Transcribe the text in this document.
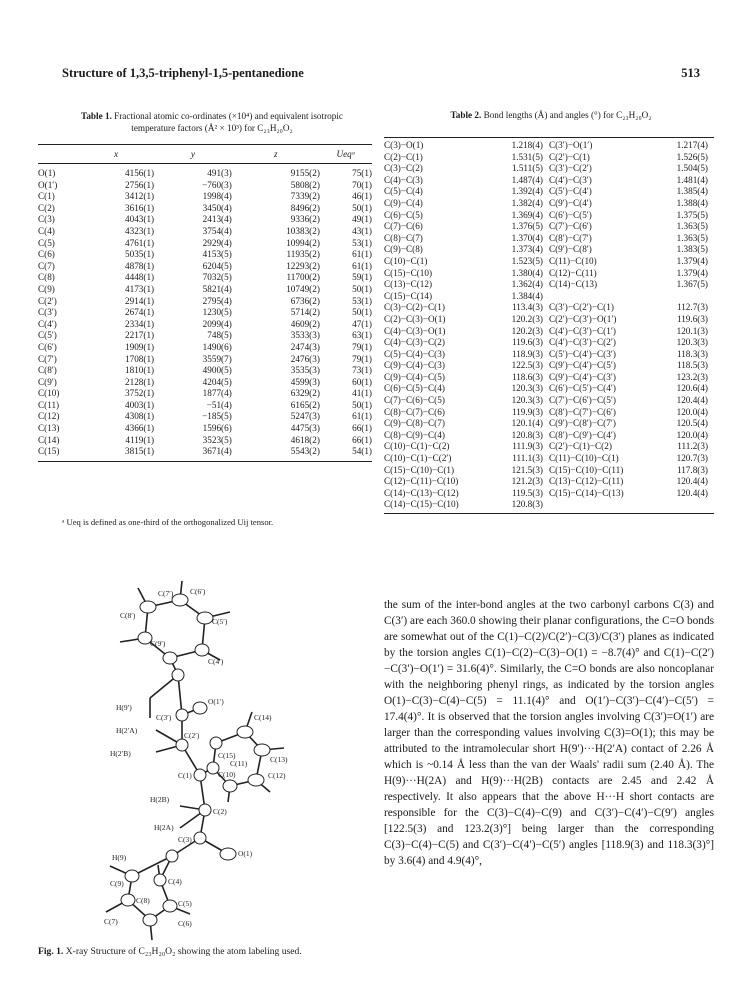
Structure of 1,3,5-triphenyl-1,5-pentanedione	513
Table 1. Fractional atomic co-ordinates (×10⁴) and equivalent isotropic temperature factors (Å² × 10³) for C₂₃H₂₀O₂
	x	y	z	Ueqᵃ
O(1)	4156(1)	491(3)	9155(2)	75(1)
O(1′)	2756(1)	−760(3)	5808(2)	70(1)
C(1)	3412(1)	1998(4)	7339(2)	46(1)
C(2)	3616(1)	3450(4)	8496(2)	50(1)
C(3)	4043(1)	2413(4)	9336(2)	49(1)
C(4)	4323(1)	3754(4)	10383(2)	43(1)
C(5)	4761(1)	2929(4)	10994(2)	53(1)
C(6)	5035(1)	4153(5)	11935(2)	61(1)
C(7)	4878(1)	6204(5)	12293(2)	61(1)
C(8)	4448(1)	7032(5)	11700(2)	59(1)
C(9)	4173(1)	5821(4)	10749(2)	50(1)
C(2′)	2914(1)	2795(4)	6736(2)	53(1)
C(3′)	2674(1)	1230(5)	5714(2)	50(1)
C(4′)	2334(1)	2099(4)	4609(2)	47(1)
C(5′)	2217(1)	748(5)	3533(3)	63(1)
C(6′)	1909(1)	1490(6)	2474(3)	79(1)
C(7′)	1708(1)	3559(7)	2476(3)	79(1)
C(8′)	1810(1)	4900(5)	3535(3)	73(1)
C(9′)	2128(1)	4204(5)	4599(3)	60(1)
C(10)	3752(1)	1877(4)	6329(2)	41(1)
C(11)	4003(1)	−51(4)	6165(2)	50(1)
C(12)	4308(1)	−185(5)	5247(3)	61(1)
C(13)	4366(1)	1596(6)	4475(3)	66(1)
C(14)	4119(1)	3523(5)	4618(2)	66(1)
C(15)	3815(1)	3671(4)	5543(2)	54(1)
ᵃ Ueq is defined as one-third of the orthogonalized Uij tensor.
Table 2. Bond lengths (Å) and angles (°) for C₂₃H₂₀O₂
C(3)−O(1)	1.218(4)	C(3′)−O(1′)	1.217(4)
C(2)−C(1)	1.531(5)	C(2′)−C(1)	1.526(5)
C(3)−C(2)	1.511(5)	C(3′)−C(2′)	1.504(5)
C(4)−C(3)	1.487(4)	C(4′)−C(3′)	1.481(4)
C(5)−C(4)	1.392(4)	C(5′)−C(4′)	1.385(4)
C(9)−C(4)	1.382(4)	C(9′)−C(4′)	1.388(4)
C(6)−C(5)	1.369(4)	C(6′)−C(5′)	1.375(5)
C(7)−C(6)	1.376(5)	C(7′)−C(6′)	1.363(5)
C(8)−C(7)	1.370(4)	C(8′)−C(7′)	1.363(5)
C(9)−C(8)	1.373(4)	C(9′)−C(8′)	1.383(5)
C(10)−C(1)	1.523(5)	C(11)−C(10)	1.379(4)
C(15)−C(10)	1.380(4)	C(12)−C(11)	1.379(4)
C(13)−C(12)	1.362(4)	C(14)−C(13)	1.367(5)
C(15)−C(14)	1.384(4)		
C(3)−C(2)−C(1)	113.4(3)	C(3′)−C(2′)−C(1)	112.7(3)
C(2)−C(3)−O(1)	120.2(3)	C(2′)−C(3′)−O(1′)	119.6(3)
C(4)−C(3)−O(1)	120.2(3)	C(4′)−C(3′)−C(1′)	120.1(3)
C(4)−C(3)−C(2)	119.6(3)	C(4′)−C(3′)−C(2′)	120.3(3)
C(5)−C(4)−C(3)	118.9(3)	C(5′)−C(4′)−C(3′)	118.3(3)
C(9)−C(4)−C(3)	122.5(3)	C(9′)−C(4′)−C(5′)	118.5(3)
C(9)−C(4)−C(5)	118.6(3)	C(9′)−C(4′)−C(3′)	123.2(3)
C(6)−C(5)−C(4)	120.3(3)	C(6′)−C(5′)−C(4′)	120.6(4)
C(7)−C(6)−C(5)	120.3(3)	C(7′)−C(6′)−C(5′)	120.4(4)
C(8)−C(7)−C(6)	119.9(3)	C(8′)−C(7′)−C(6′)	120.0(4)
C(9)−C(8)−C(7)	120.1(4)	C(9′)−C(8′)−C(7′)	120.5(4)
C(8)−C(9)−C(4)	120.8(3)	C(8′)−C(9′)−C(4′)	120.0(4)
C(10)−C(1)−C(2)	111.9(3)	C(2′)−C(1)−C(2)	111.2(3)
C(10)−C(1)−C(2′)	111.1(3)	C(11)−C(10)−C(1)	120.7(3)
C(15)−C(10)−C(1)	121.5(3)	C(15)−C(10)−C(11)	117.8(3)
C(12)−C(11)−C(10)	121.2(3)	C(13)−C(12)−C(11)	120.4(4)
C(14)−C(13)−C(12)	119.5(3)	C(15)−C(14)−C(13)	120.4(4)
C(14)−C(15)−C(10)	120.8(3)		
C(7′) C(6′)
C(8′)
C(5′)
C(9′)
C(4′)
H(9′)
C(3′)
O(1′)
H(2′A)
C(2′)
C(14)
H(2′B)	C(15)	C(13)
C(11)
C(1)	C(10)	C(12)
H(2B)
C(2)
H(2A)
H(9)
C(3)
O(1)
C(9)	C(4)
C(8)	C(5)
C(7)	C(6)
Fig. 1. X-ray Structure of C₂₃H₂₀O₂ showing the atom labeling used.

the sum of the inter-bond angles at the two carbonyl carbons C(3) and C(3′) are each 360.0 showing their planar configurations, the C=O bonds are somewhat out of the C(1)−C(2)/C(2′)−C(3)/C(3′) planes as indicated by the torsion angles C(1)−C(2)−C(3)−O(1) = −8.7(4)° and C(1)−C(2′)−C(3′)−O(1′) = 31.6(4)°. Similarly, the C=O bonds are also noncoplanar with the neighboring phenyl rings, as indicated by the torsion angles O(1)−C(3)−C(4)−C(5) = 11.1(4)° and O(1′)−C(3′)−C(4′)−C(5′) = 17.4(4)°. It is observed that the torsion angles involving C(3′)=O(1′) are larger than the corresponding values involving C(3)=O(1); this may be attributed to the intramolecular short H(9′)···H(2′A) contact of 2.26 Å which is ~0.14 Å less than the van der Waals' radii sum (2.40 Å). The H(9)···H(2A) and H(9)···H(2B) contacts are 2.45 and 2.42 Å respectively. It also appears that the above H···H short contacts are responsible for the C(3)−C(4)−C(9) and C(3′)−C(4′)−C(9′) angles [122.5(3) and 123.2(3)°] being larger than the corresponding C(3)−C(4)−C(5) and C(3′)−C(4′)−C(5′) angles [118.9(3) and 118.3(3)°] by 3.6(4) and 4.9(4)°,
